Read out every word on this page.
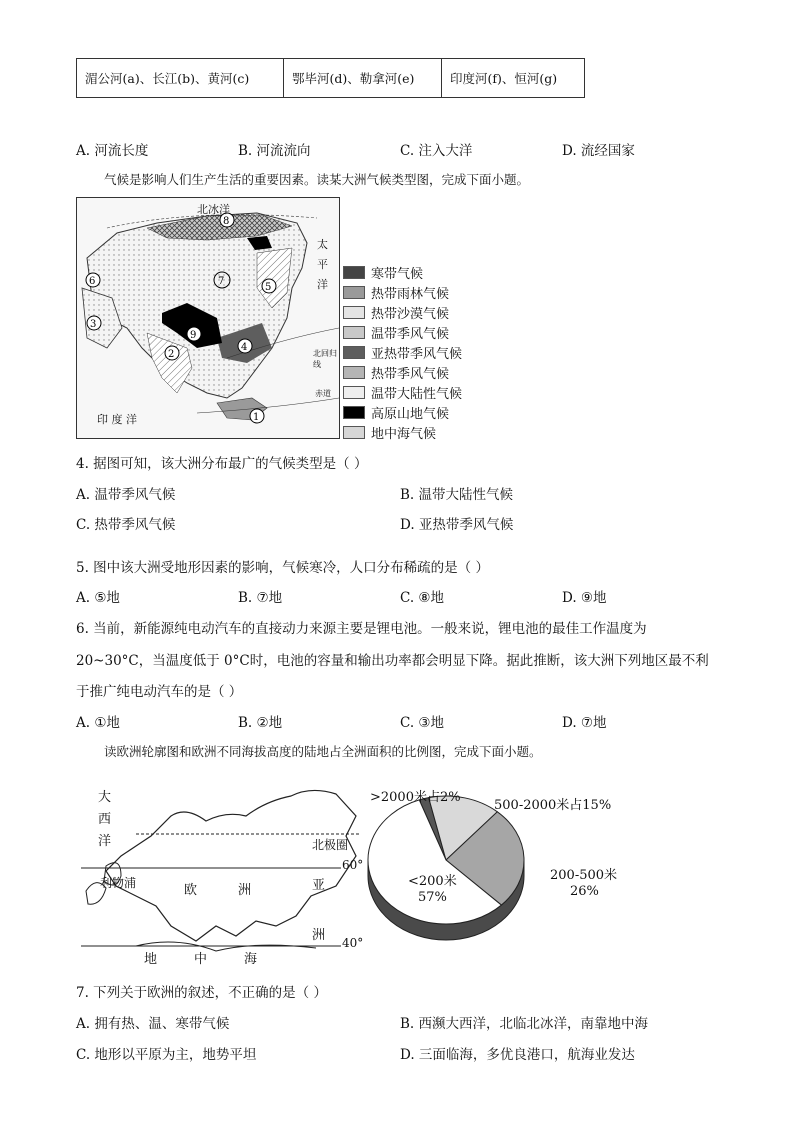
湄公河(a)、长江(b)、黄河(c)	鄂毕河(d)、勒拿河(e)	印度河(f)、恒河(g)
A. 河流长度	B. 河流流向	C. 注入大洋	D. 流经国家
气候是影响人们生产生活的重要因素。读某大洲气候类型图，完成下面小题。
8
7
6
5
3
9
2
4
1
北冰洋
太
平
洋
印 度 洋
北回归线
赤道
寒带气候
热带雨林气候
热带沙漠气候
温带季风气候
亚热带季风气候
热带季风气候
温带大陆性气候
高原山地气候
地中海气候
4. 据图可知，该大洲分布最广的气候类型是（ ）
A. 温带季风气候	B. 温带大陆性气候
C. 热带季风气候	D. 亚热带季风气候
5. 图中该大洲受地形因素的影响，气候寒冷，人口分布稀疏的是（ ）
A. ⑤地	B. ⑦地	C. ⑧地	D. ⑨地
6. 当前，新能源纯电动汽车的直接动力来源主要是锂电池。一般来说，锂电池的最佳工作温度为
20~30°C，当温度低于 0°C时，电池的容量和输出功率都会明显下降。据此推断，该大洲下列地区最不利
于推广纯电动汽车的是（ ）
A. ①地	B. ②地	C. ③地	D. ⑦地
读欧洲轮廓图和欧洲不同海拔高度的陆地占全洲面积的比例图，完成下面小题。
大
西
洋	北极圈
60°
40°
利物浦	欧	洲	亚
洲
地	中	海
>2000米占2%
500-2000米占15%
200-500米
26%
<200米
57%
7. 下列关于欧洲的叙述，不正确的是（ ）
A. 拥有热、温、寒带气候	B. 西濒大西洋，北临北冰洋，南靠地中海
C. 地形以平原为主，地势平坦	D. 三面临海，多优良港口，航海业发达
